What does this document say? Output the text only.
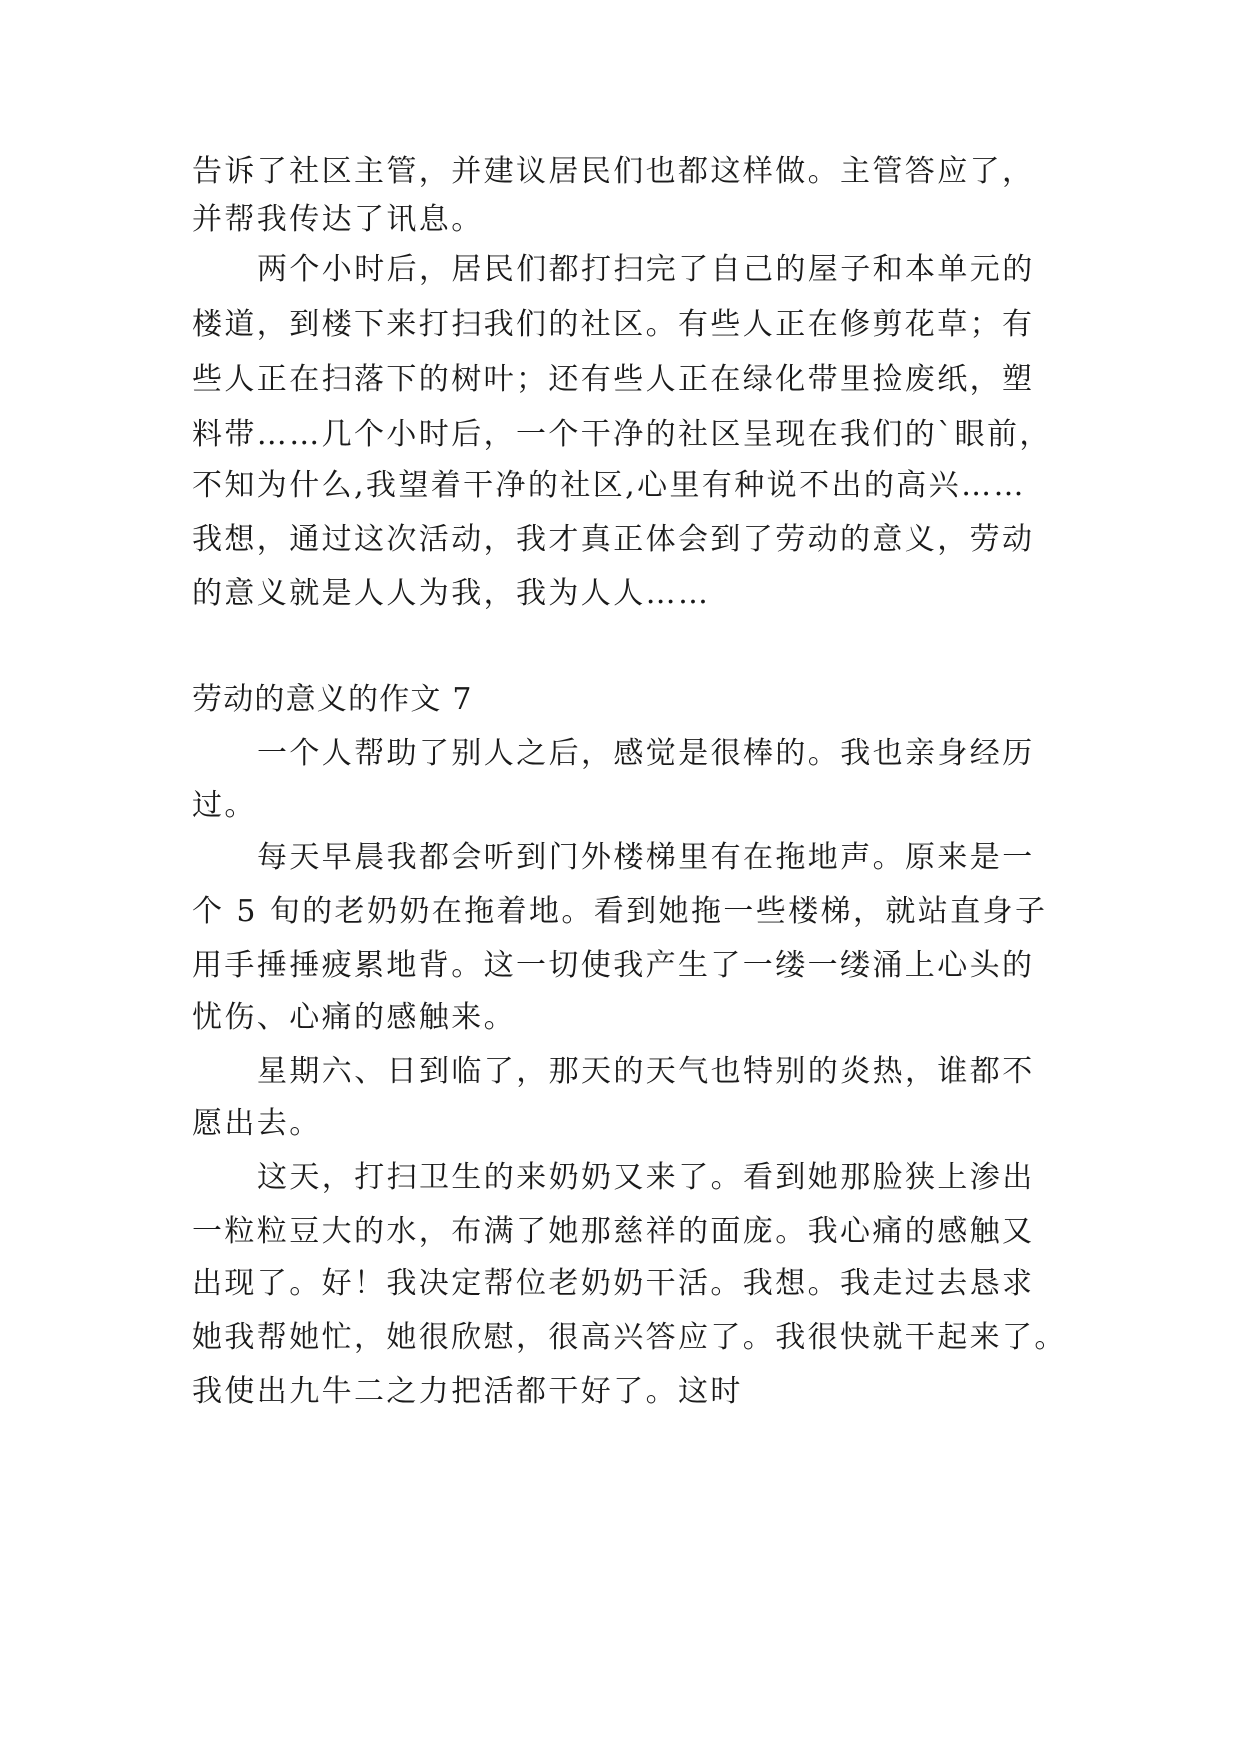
告诉了社区主管，并建议居民们也都这样做。主管答应了，
并帮我传达了讯息。
两个小时后，居民们都打扫完了自己的屋子和本单元的
楼道，到楼下来打扫我们的社区。有些人正在修剪花草；有
些人正在扫落下的树叶；还有些人正在绿化带里捡废纸，塑
料带……几个小时后，一个干净的社区呈现在我们的`眼前，
不知为什么,我望着干净的社区,心里有种说不出的高兴……
我想，通过这次活动，我才真正体会到了劳动的意义，劳动
的意义就是人人为我，我为人人……
劳动的意义的作文 7
一个人帮助了别人之后，感觉是很棒的。我也亲身经历
过。
每天早晨我都会听到门外楼梯里有在拖地声。原来是一
个 5 旬的老奶奶在拖着地。看到她拖一些楼梯，就站直身子
用手捶捶疲累地背。这一切使我产生了一缕一缕涌上心头的
忧伤、心痛的感触来。
星期六、日到临了，那天的天气也特别的炎热，谁都不
愿出去。
这天，打扫卫生的来奶奶又来了。看到她那脸狭上渗出
一粒粒豆大的水，布满了她那慈祥的面庞。我心痛的感触又
出现了。好！我决定帮位老奶奶干活。我想。我走过去恳求
她我帮她忙，她很欣慰，很高兴答应了。我很快就干起来了。
我使出九牛二之力把活都干好了。这时
